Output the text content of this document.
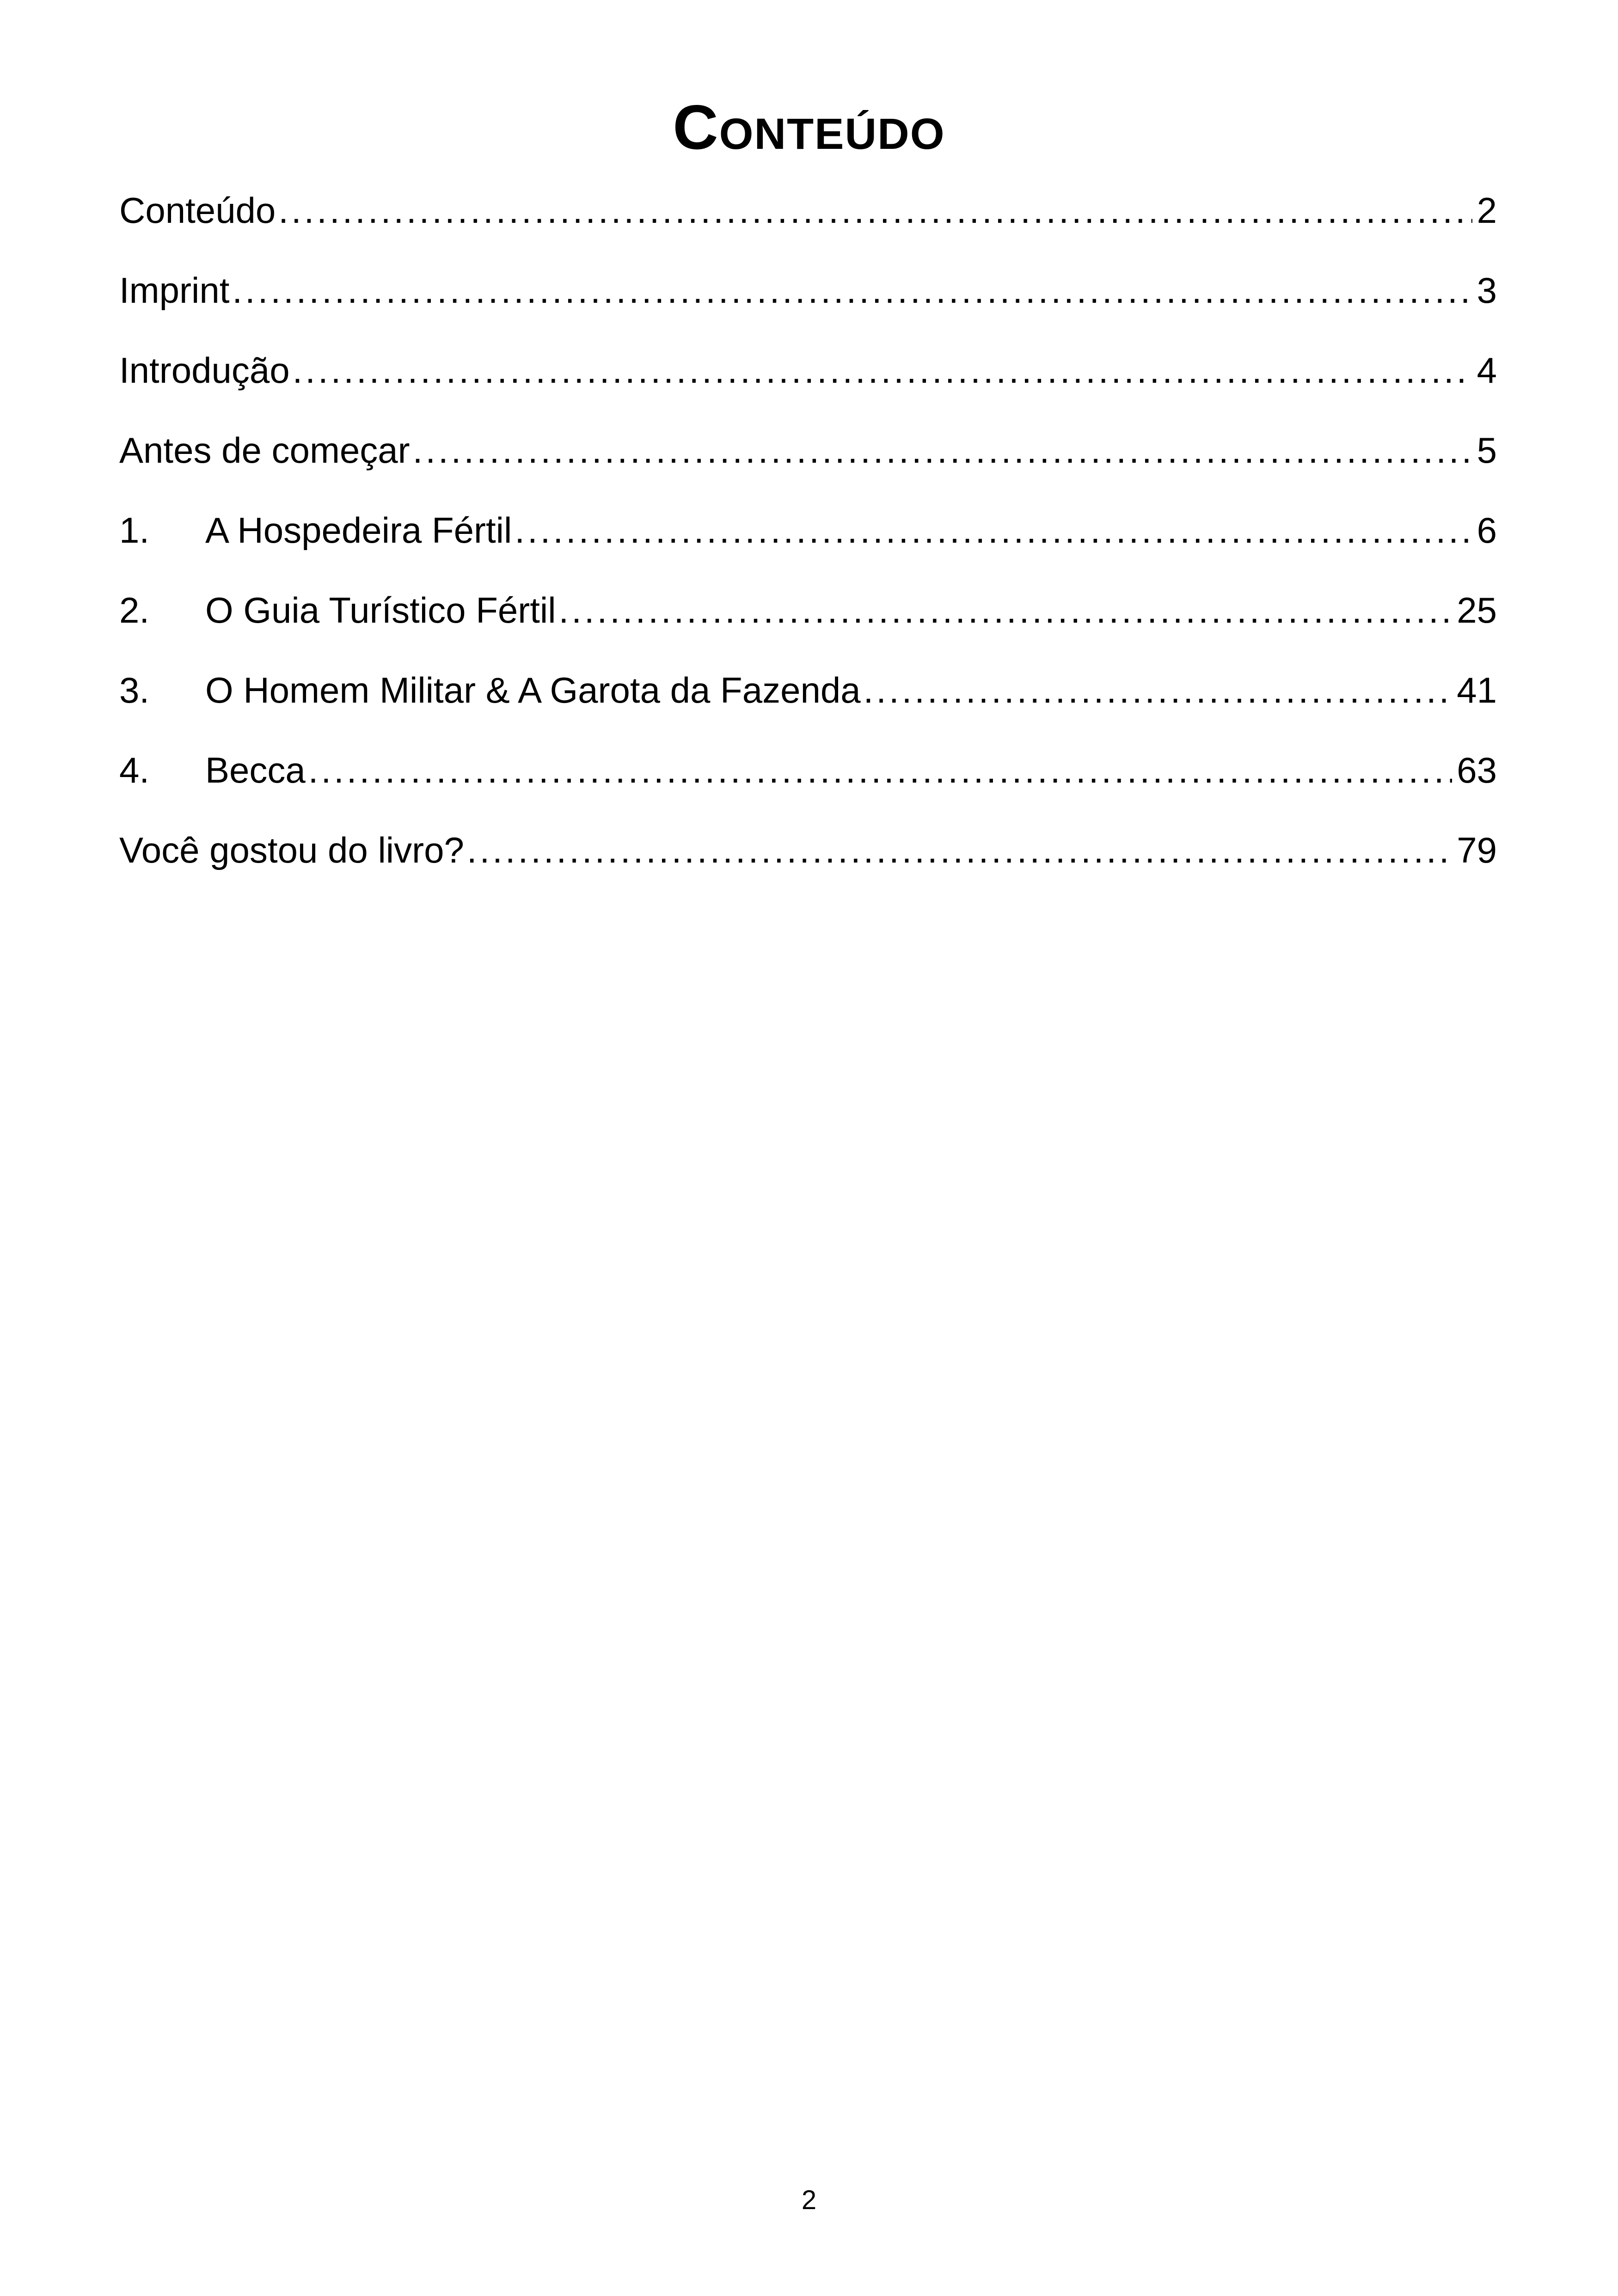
Conteúdo
Conteúdo .....	2
Imprint .....	3
Introdução .....	4
Antes de começar .....	5
1.	A Hospedeira Fértil .....	6
2.	O Guia Turístico Fértil .....	25
3.	O Homem Militar & A Garota da Fazenda .....	41
4.	Becca .....	63
Você gostou do livro? .....	79
2
